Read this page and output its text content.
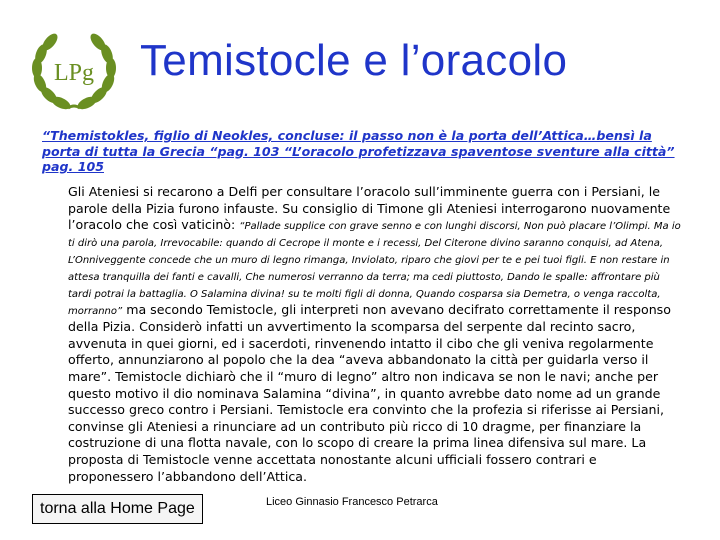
LPg Temistocle e l’oracolo
“Themistokles, figlio di Neokles, concluse: il passo non è la porta dell’Attica…bensì la porta di tutta la Grecia “pag. 103 “L’oracolo profetizzava spaventose sventure alla città” pag. 105
Gli Ateniesi si recarono a Delfi per consultare l’oracolo sull’imminente guerra con i Persiani, le parole della Pizia furono infauste. Su consiglio di Timone gli Ateniesi interrogarono nuovamente l’oracolo che così vaticinò: “Pallade supplice con grave senno e con lunghi discorsi, Non può placare l’Olimpi. Ma io ti dirò una parola, Irrevocabile: quando di Cecrope il monte e i recessi, Del Citerone divino saranno conquisi, ad Atena, L’Onniveggente concede che un muro di legno rimanga, Inviolato, riparo che giovi per te e pei tuoi figli. E non restare in attesa tranquilla dei fanti e cavalli, Che numerosi verranno da terra; ma cedi piuttosto, Dando le spalle: affrontare più tardi potrai la battaglia. O Salamina divina! su te molti figli di donna, Quando cosparsa sia Demetra, o venga raccolta, morranno” ma secondo Temistocle, gli interpreti non avevano decifrato correttamente il responso della Pizia. Considerò infatti un avvertimento la scomparsa del serpente dal recinto sacro, avvenuta in quei giorni, ed i sacerdoti, rinvenendo intatto il cibo che gli veniva regolarmente offerto, annunziarono al popolo che la dea “aveva abbandonato la città per guidarla verso il mare”. Temistocle dichiarò che il “muro di legno” altro non indicava se non le navi; anche per questo motivo il dio nominava Salamina “divina”, in quanto avrebbe dato nome ad un grande successo greco contro i Persiani. Temistocle era convinto che la profezia si riferisse ai Persiani, convinse gli Ateniesi a rinunciare ad un contributo più ricco di 10 dragme, per finanziare la costruzione di una flotta navale, con lo scopo di creare la prima linea difensiva sul mare. La proposta di Temistocle venne accettata nonostante alcuni ufficiali fossero contrari e proponessero l’abbandono dell’Attica.
torna alla Home Page	Liceo Ginnasio Francesco Petrarca
